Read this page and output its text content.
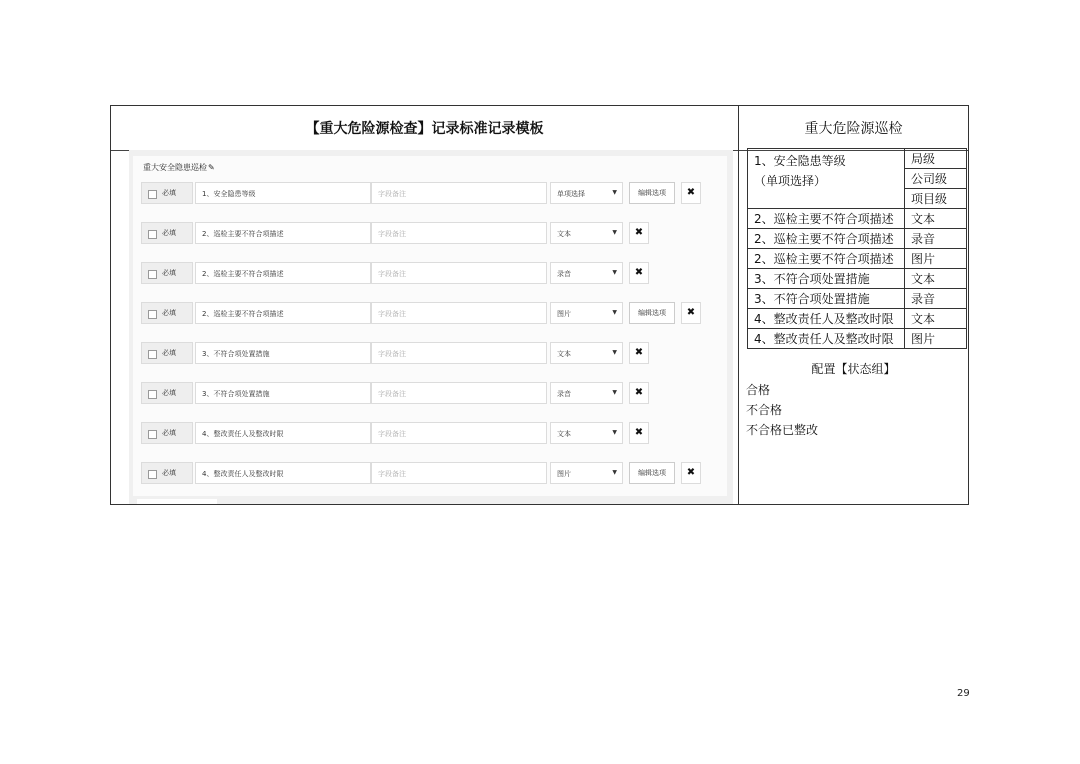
【重大危险源检查】记录标准记录模板	重大危险源巡检
重大安全隐患巡检✎
必填	1、安全隐患等级	字段备注	单项选择	▼	编辑选项	✖
必填	2、巡检主要不符合项描述	字段备注	文本	▼	✖
必填	2、巡检主要不符合项描述	字段备注	录音	▼	✖
必填	2、巡检主要不符合项描述	字段备注	图片	▼	编辑选项	✖
必填	3、不符合项处置措施	字段备注	文本	▼	✖
必填	3、不符合项处置措施	字段备注	录音	▼	✖
必填	4、整改责任人及整改时限	字段备注	文本	▼	✖
必填	4、整改责任人及整改时限	字段备注	图片	▼	编辑选项	✖
1、安全隐患等级
（单项选择）	局级
	公司级
	项目级
2、巡检主要不符合项描述	文本
2、巡检主要不符合项描述	录音
2、巡检主要不符合项描述	图片
3、不符合项处置措施	文本
3、不符合项处置措施	录音
4、整改责任人及整改时限	文本
4、整改责任人及整改时限	图片
配置【状态组】
合格
不合格
不合格已整改
29
